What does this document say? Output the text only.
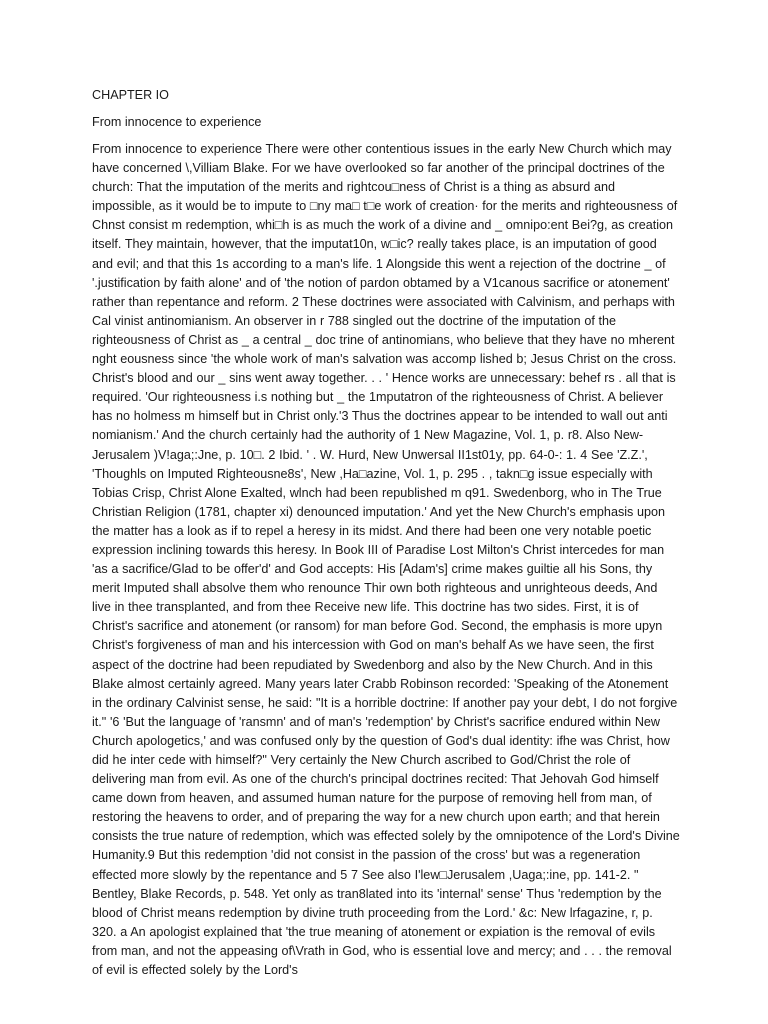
CHAPTER IO

From innocence to experience

From innocence to experience There were other contentious issues in the early New Church which may have concerned \,Villiam Blake. For we have overlooked so far another of the principal doctrines of the church: That the imputation of the merits and rightcou□ness of Christ is a thing as absurd and impossible, as it would be to impute to □ny ma□ t□e work of creation· for the merits and righteousness of Chnst consist m redemption, whi□h is as much the work of a divine and _ omnipo:ent Bei?g, as creation itself. They maintain, however, that the imputat10n, w□ic? really takes place, is an imputation of good and evil; and that this 1s according to a man's life. 1 Alongside this went a rejection of the doctrine _ of '.justification by faith alone' and of 'the notion of pardon obtamed by a V1canous sacrifice or atonement' rather than repentance and reform. 2 These doctrines were associated with Calvinism, and perhaps with Cal vinist antinomianism. An observer in r 788 singled out the doctrine of the imputation of the righteousness of Christ as _ a central _ doc trine of antinomians, who believe that they have no mherent nght eousness since 'the whole work of man's salvation was accomp lished b; Jesus Christ on the cross. Christ's blood and our _ sins went away together. . . ' Hence works are unnecessary: behef rs . all that is required. 'Our righteousness i.s nothing but _ the 1mputatron of the righteousness of Christ. A believer has no holmess m himself but in Christ only.'3 Thus the doctrines appear to be intended to wall out anti nomianism.' And the church certainly had the authority of 1 New Magazine, Vol. 1, p. r8. Also New-Jerusalem )V!aga;:Jne, p. 10□. 2 Ibid. ' . W. Hurd, New Unwersal II1st01y, pp. 64-0-: 1. 4 See 'Z.Z.', 'Thoughls on Imputed Righteousne8s', New ,Ha□azine, Vol. 1, p. 295 . , takn□g issue especially with Tobias Crisp, Christ Alone Exalted, wlnch had been republished m q91. Swedenborg, who in The True Christian Religion (1781, chapter xi) denounced imputation.' And yet the New Church's emphasis upon the matter has a look as if to repel a heresy in its midst. And there had been one very notable poetic expression inclining towards this heresy. In Book III of Paradise Lost Milton's Christ intercedes for man 'as a sacrifice/Glad to be offer'd' and God accepts: His [Adam's] crime makes guiltie all his Sons, thy merit Imputed shall absolve them who renounce Thir own both righteous and unrighteous deeds, And live in thee transplanted, and from thee Receive new life. This doctrine has two sides. First, it is of Christ's sacrifice and atonement (or ransom) for man before God. Second, the emphasis is more upyn Christ's forgiveness of man and his intercession with God on man's behalf As we have seen, the first aspect of the doctrine had been repudiated by Swedenborg and also by the New Church. And in this Blake almost certainly agreed. Many years later Crabb Robinson recorded: 'Speaking of the Atonement in the ordinary Calvinist sense, he said: "It is a horrible doctrine: If another pay your debt, I do not forgive it." '6 'But the language of 'ransmn' and of man's 'redemption' by Christ's sacrifice endured within New Church apologetics,' and was confused only by the question of God's dual identity: ifhe was Christ, how did he inter cede with himself?" Very certainly the New Church ascribed to God/Christ the role of delivering man from evil. As one of the church's principal doctrines recited: That Jehovah God himself came down from heaven, and assumed human nature for the purpose of removing hell from man, of restoring the heavens to order, and of preparing the way for a new church upon earth; and that herein consists the true nature of redemption, which was effected solely by the omnipotence of the Lord's Divine Humanity.9 But this redemption 'did not consist in the passion of the cross' but was a regeneration effected more slowly by the repentance and 5 7 See also I'lew□Jerusalem ,Uaga;:ine, pp. 141-2. " Bentley, Blake Records, p. 548. Yet only as tran8lated into its 'internal' sense' Thus 'redemption by the blood of Christ means redemption by divine truth proceeding from the Lord.' &c: New lrfagazine, r, p. 320. a An apologist explained that 'the true meaning of atonement or expiation is the removal of evils from man, and not the appeasing of\Vrath in God, who is essential love and mercy; and . . . the removal of evil is effected solely by the Lord's
